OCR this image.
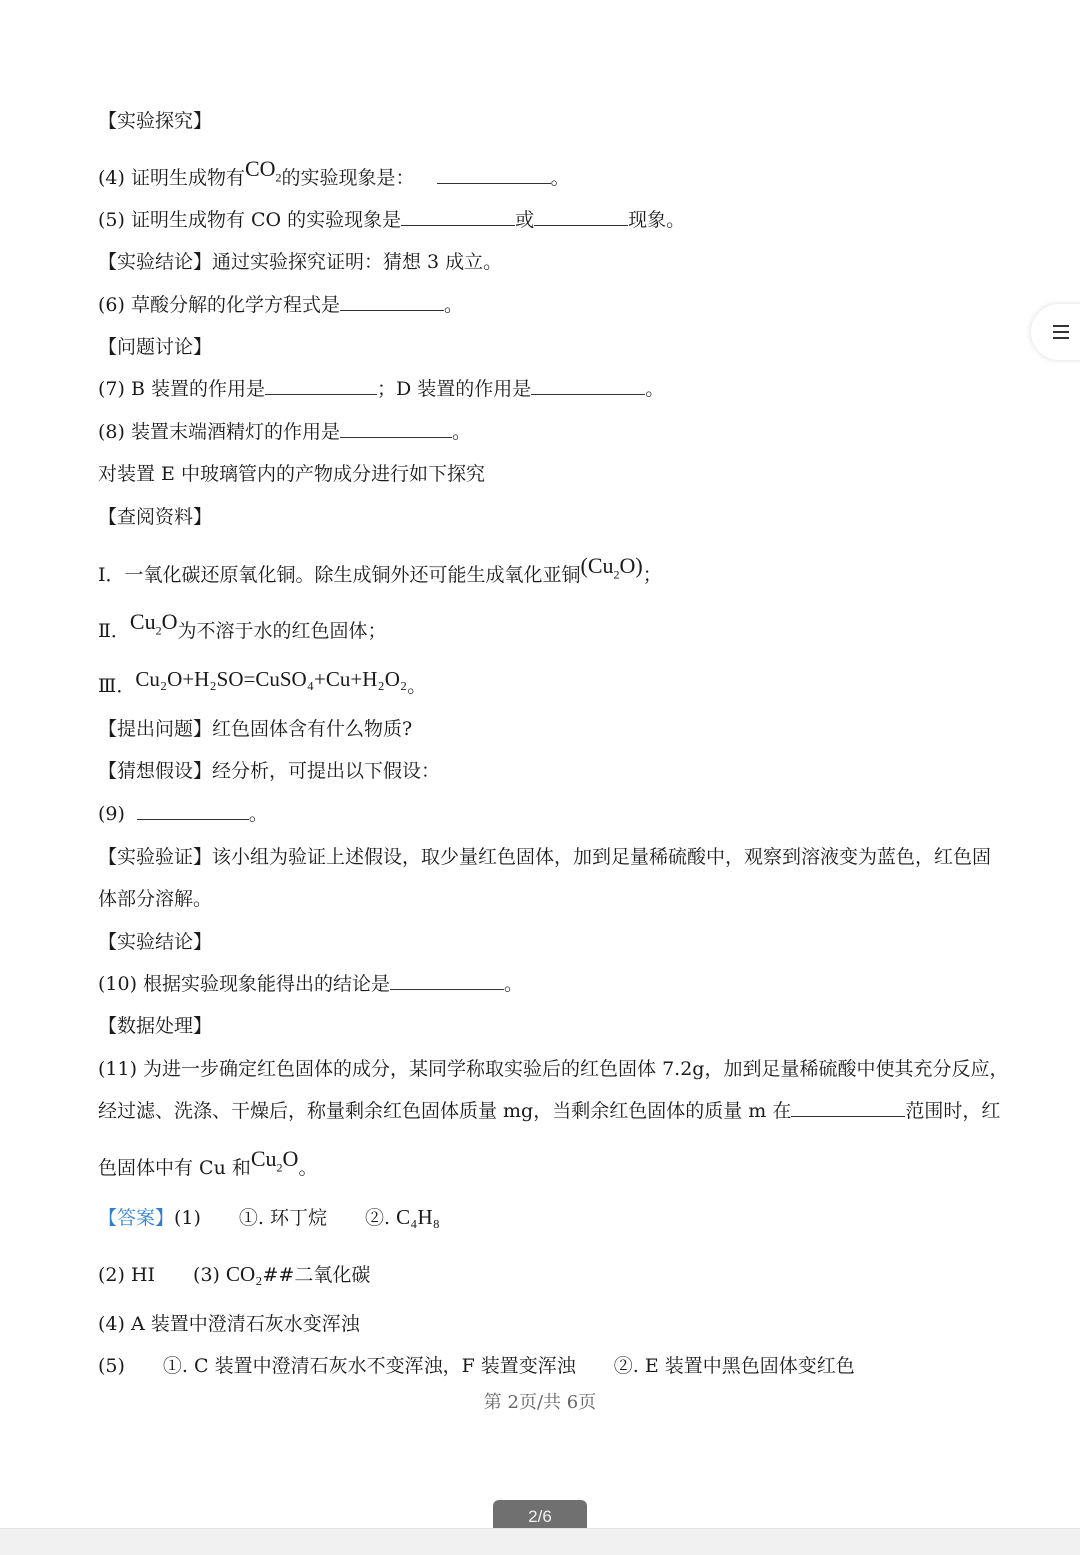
【实验探究】
(4) 证明生成物有$CO_2$的实验现象是：	。
(5) 证明生成物有 CO 的实验现象是	或	现象。
【实验结论】通过实验探究证明：猜想 3 成立。
(6) 草酸分解的化学方程式是	。
【问题讨论】
(7) B 装置的作用是	；D 装置的作用是	。
(8) 装置末端酒精灯的作用是	。
对装置 E 中玻璃管内的产物成分进行如下探究
【查阅资料】
Ⅰ．一氧化碳还原氧化铜。除生成铜外还可能生成氧化亚铜$(Cu_2O)$；
Ⅱ．$Cu_2O$为不溶于水的红色固体；
Ⅲ．Cu₂O+H₂SO=CuSO₄+Cu+H₂O₂。
【提出问题】红色固体含有什么物质?
【猜想假设】经分析，可提出以下假设：
(9)	。
【实验验证】该小组为验证上述假设，取少量红色固体，加到足量稀硫酸中，观察到溶液变为蓝色，红色固
体部分溶解。
【实验结论】
(10) 根据实验现象能得出的结论是	。
【数据处理】
(11) 为进一步确定红色固体的成分，某同学称取实验后的红色固体 7.2g，加到足量稀硫酸中使其充分反应，
经过滤、洗涤、干燥后，称量剩余红色固体质量 mg，当剩余红色固体的质量 m 在	范围时，红
色固体中有 Cu 和$Cu_2O$。
【答案】(1)　　①. 环丁烷　　②. C₄H₈
(2) HI　　(3) CO₂##二氧化碳
(4) A 装置中澄清石灰水变浑浊
(5)　　①. C 装置中澄清石灰水不变浑浊，F 装置变浑浊　　②. E 装置中黑色固体变红色
第 2页/共 6页
2/6
